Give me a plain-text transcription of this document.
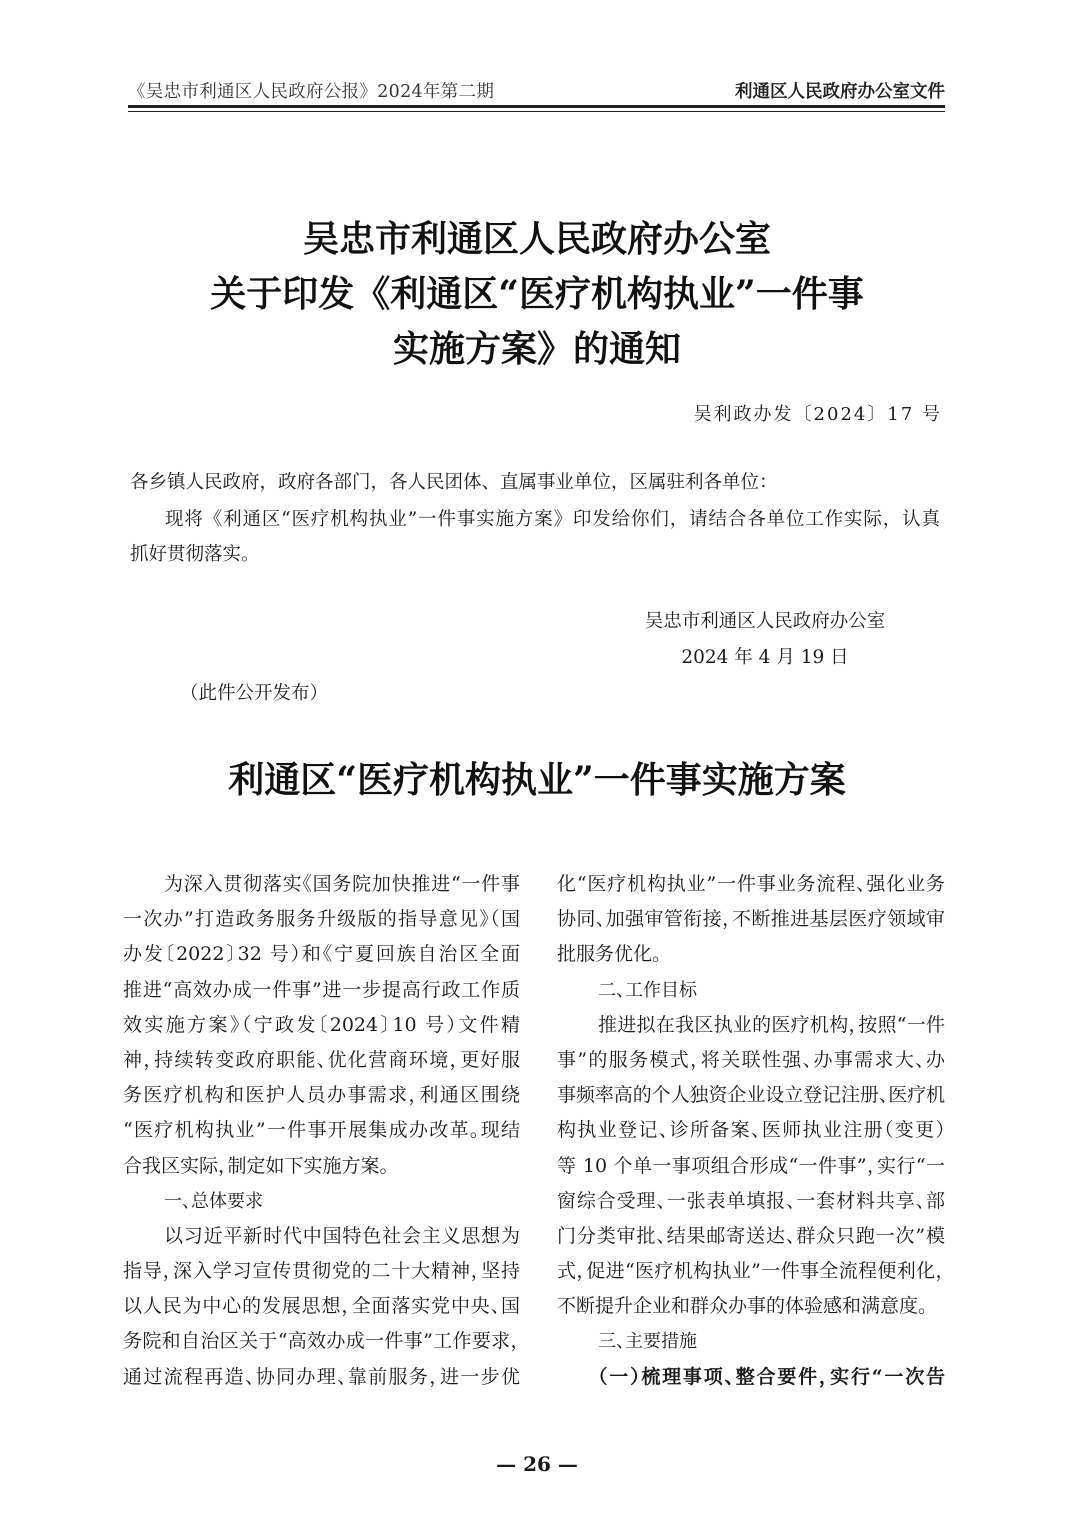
《吴忠市利通区人民政府公报》2024年第二期	利通区人民政府办公室文件
吴忠市利通区人民政府办公室
关于印发《利通区“医疗机构执业”一件事
实施方案》的通知
吴利政办发〔2024〕17 号
各乡镇人民政府，政府各部门，各人民团体、直属事业单位，区属驻利各单位：
现将《利通区“医疗机构执业”一件事实施方案》印发给你们，请结合各单位工作实际，认真
抓好贯彻落实。
吴忠市利通区人民政府办公室
2024 年 4 月 19 日
（此件公开发布）
利通区“医疗机构执业”一件事实施方案
为深入贯彻落实《国务院加快推进“一件事
一次办”打造政务服务升级版的指导意见》（国
办发〔2022〕32 号）和《宁夏回族自治区全面
推进“高效办成一件事”进一步提高行政工作质
效实施方案》（宁政发〔2024〕10 号）文件精
神，持续转变政府职能、优化营商环境，更好服
务医疗机构和医护人员办事需求，利通区围绕
“医疗机构执业”一件事开展集成办改革。现结
合我区实际，制定如下实施方案。
一、总体要求
以习近平新时代中国特色社会主义思想为
指导，深入学习宣传贯彻党的二十大精神，坚持
以人民为中心的发展思想，全面落实党中央、国
务院和自治区关于“高效办成一件事”工作要求，
通过流程再造、协同办理、靠前服务，进一步优
化“医疗机构执业”一件事业务流程、强化业务
协同、加强审管衔接，不断推进基层医疗领域审
批服务优化。
二、工作目标
推进拟在我区执业的医疗机构，按照“一件
事”的服务模式，将关联性强、办事需求大、办
事频率高的个人独资企业设立登记注册、医疗机
构执业登记、诊所备案、医师执业注册（变更）
等 10 个单一事项组合形成“一件事”，实行“一
窗综合受理、一张表单填报、一套材料共享、部
门分类审批、结果邮寄送达、群众只跑一次”模
式，促进“医疗机构执业”一件事全流程便利化，
不断提升企业和群众办事的体验感和满意度。
三、主要措施
（一）梳理事项、整合要件，实行“一次告
— 26 —
